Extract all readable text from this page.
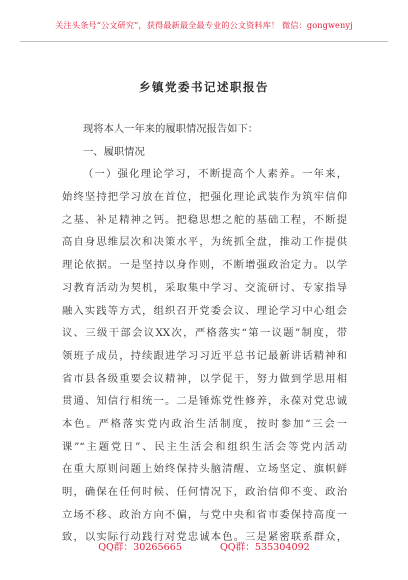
关注头条号“公文研究”，获得最新最全最专业的公文资料库！ 微信：gongwenyj
乡镇党委书记述职报告
现将本人一年来的履职情况报告如下：
一、履职情况
（一）强化理论学习，不断提高个人素养。一年来，
始终坚持把学习放在首位，把强化理论武装作为筑牢信仰
之基、补足精神之钙。把稳思想之舵的基础工程，不断提
高自身思维层次和决策水平，为统抓全盘，推动工作提供
理论依据。一是坚持以身作则，不断增强政治定力。以学
习教育活动为契机，采取集中学习、交流研讨、专家指导
融入实践等方式，组织召开党委会议、理论学习中心组会
议、三级干部会议XX次，严格落实“第一议题”制度，带
领班子成员，持续跟进学习习近平总书记最新讲话精神和
省市县各级重要会议精神，以学促干，努力做到学思用相
贯通、知信行相统一。二是锤炼党性修养，永葆对党忠诚
本色。严格落实党内政治生活制度，按时参加“三会一
课”“主题党日”、民主生活会和组织生活会等党内活动
在重大原则问题上始终保持头脑清醒、立场坚定、旗帜鲜
明，确保在任何时候、任何情况下，政治信仰不变、政治
立场不移、政治方向不偏，与党中央和省市委保持高度一
致，以实际行动践行对党忠诚本色。三是紧密联系群众，
QQ群：30265665	QQ群：535304092
